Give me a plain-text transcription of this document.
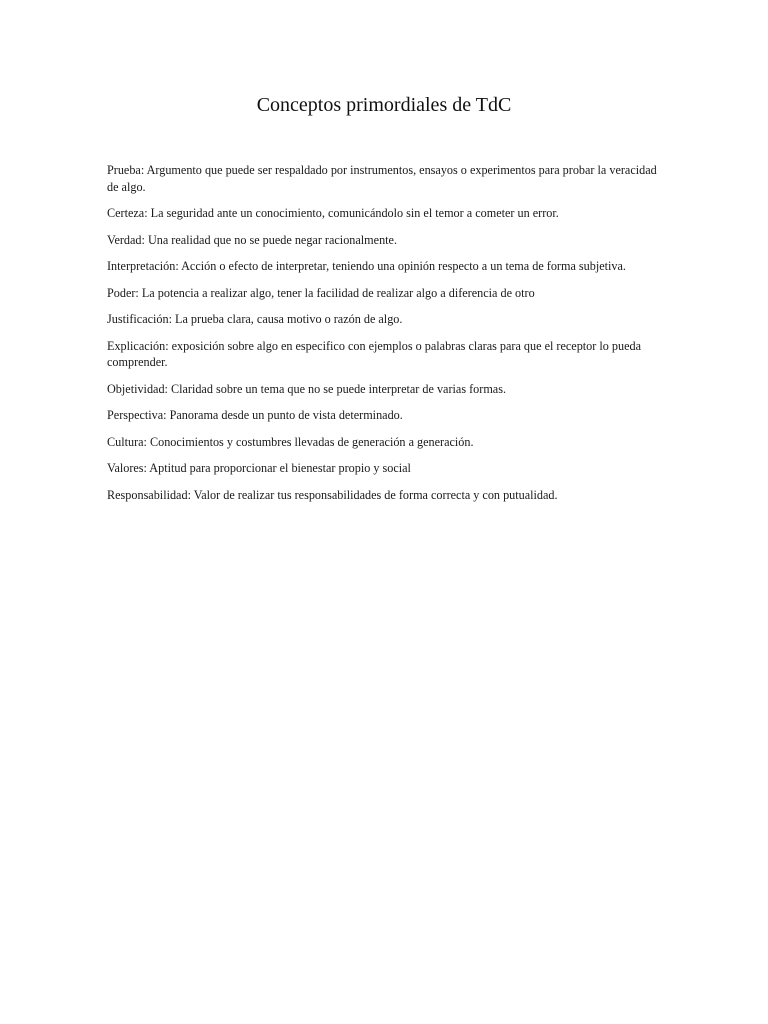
Conceptos primordiales de TdC
Prueba: Argumento que puede ser respaldado por instrumentos, ensayos o experimentos para probar la veracidad de algo.
Certeza: La seguridad ante un conocimiento, comunicándolo sin el temor a cometer un error.
Verdad: Una realidad que no se puede negar racionalmente.
Interpretación: Acción o efecto de interpretar, teniendo una opinión respecto a un tema de forma subjetiva.
Poder: La potencia a realizar algo, tener la facilidad de realizar algo a diferencia de otro
Justificación: La prueba clara, causa motivo o razón de algo.
Explicación: exposición sobre algo en especifico con ejemplos o palabras claras para que el receptor lo pueda comprender.
Objetividad: Claridad sobre un tema que no se puede interpretar de varias formas.
Perspectiva: Panorama desde un punto de vista determinado.
Cultura: Conocimientos y costumbres llevadas de generación a generación.
Valores: Aptitud para proporcionar el bienestar propio y social
Responsabilidad: Valor de realizar tus responsabilidades de forma correcta y con putualidad.
